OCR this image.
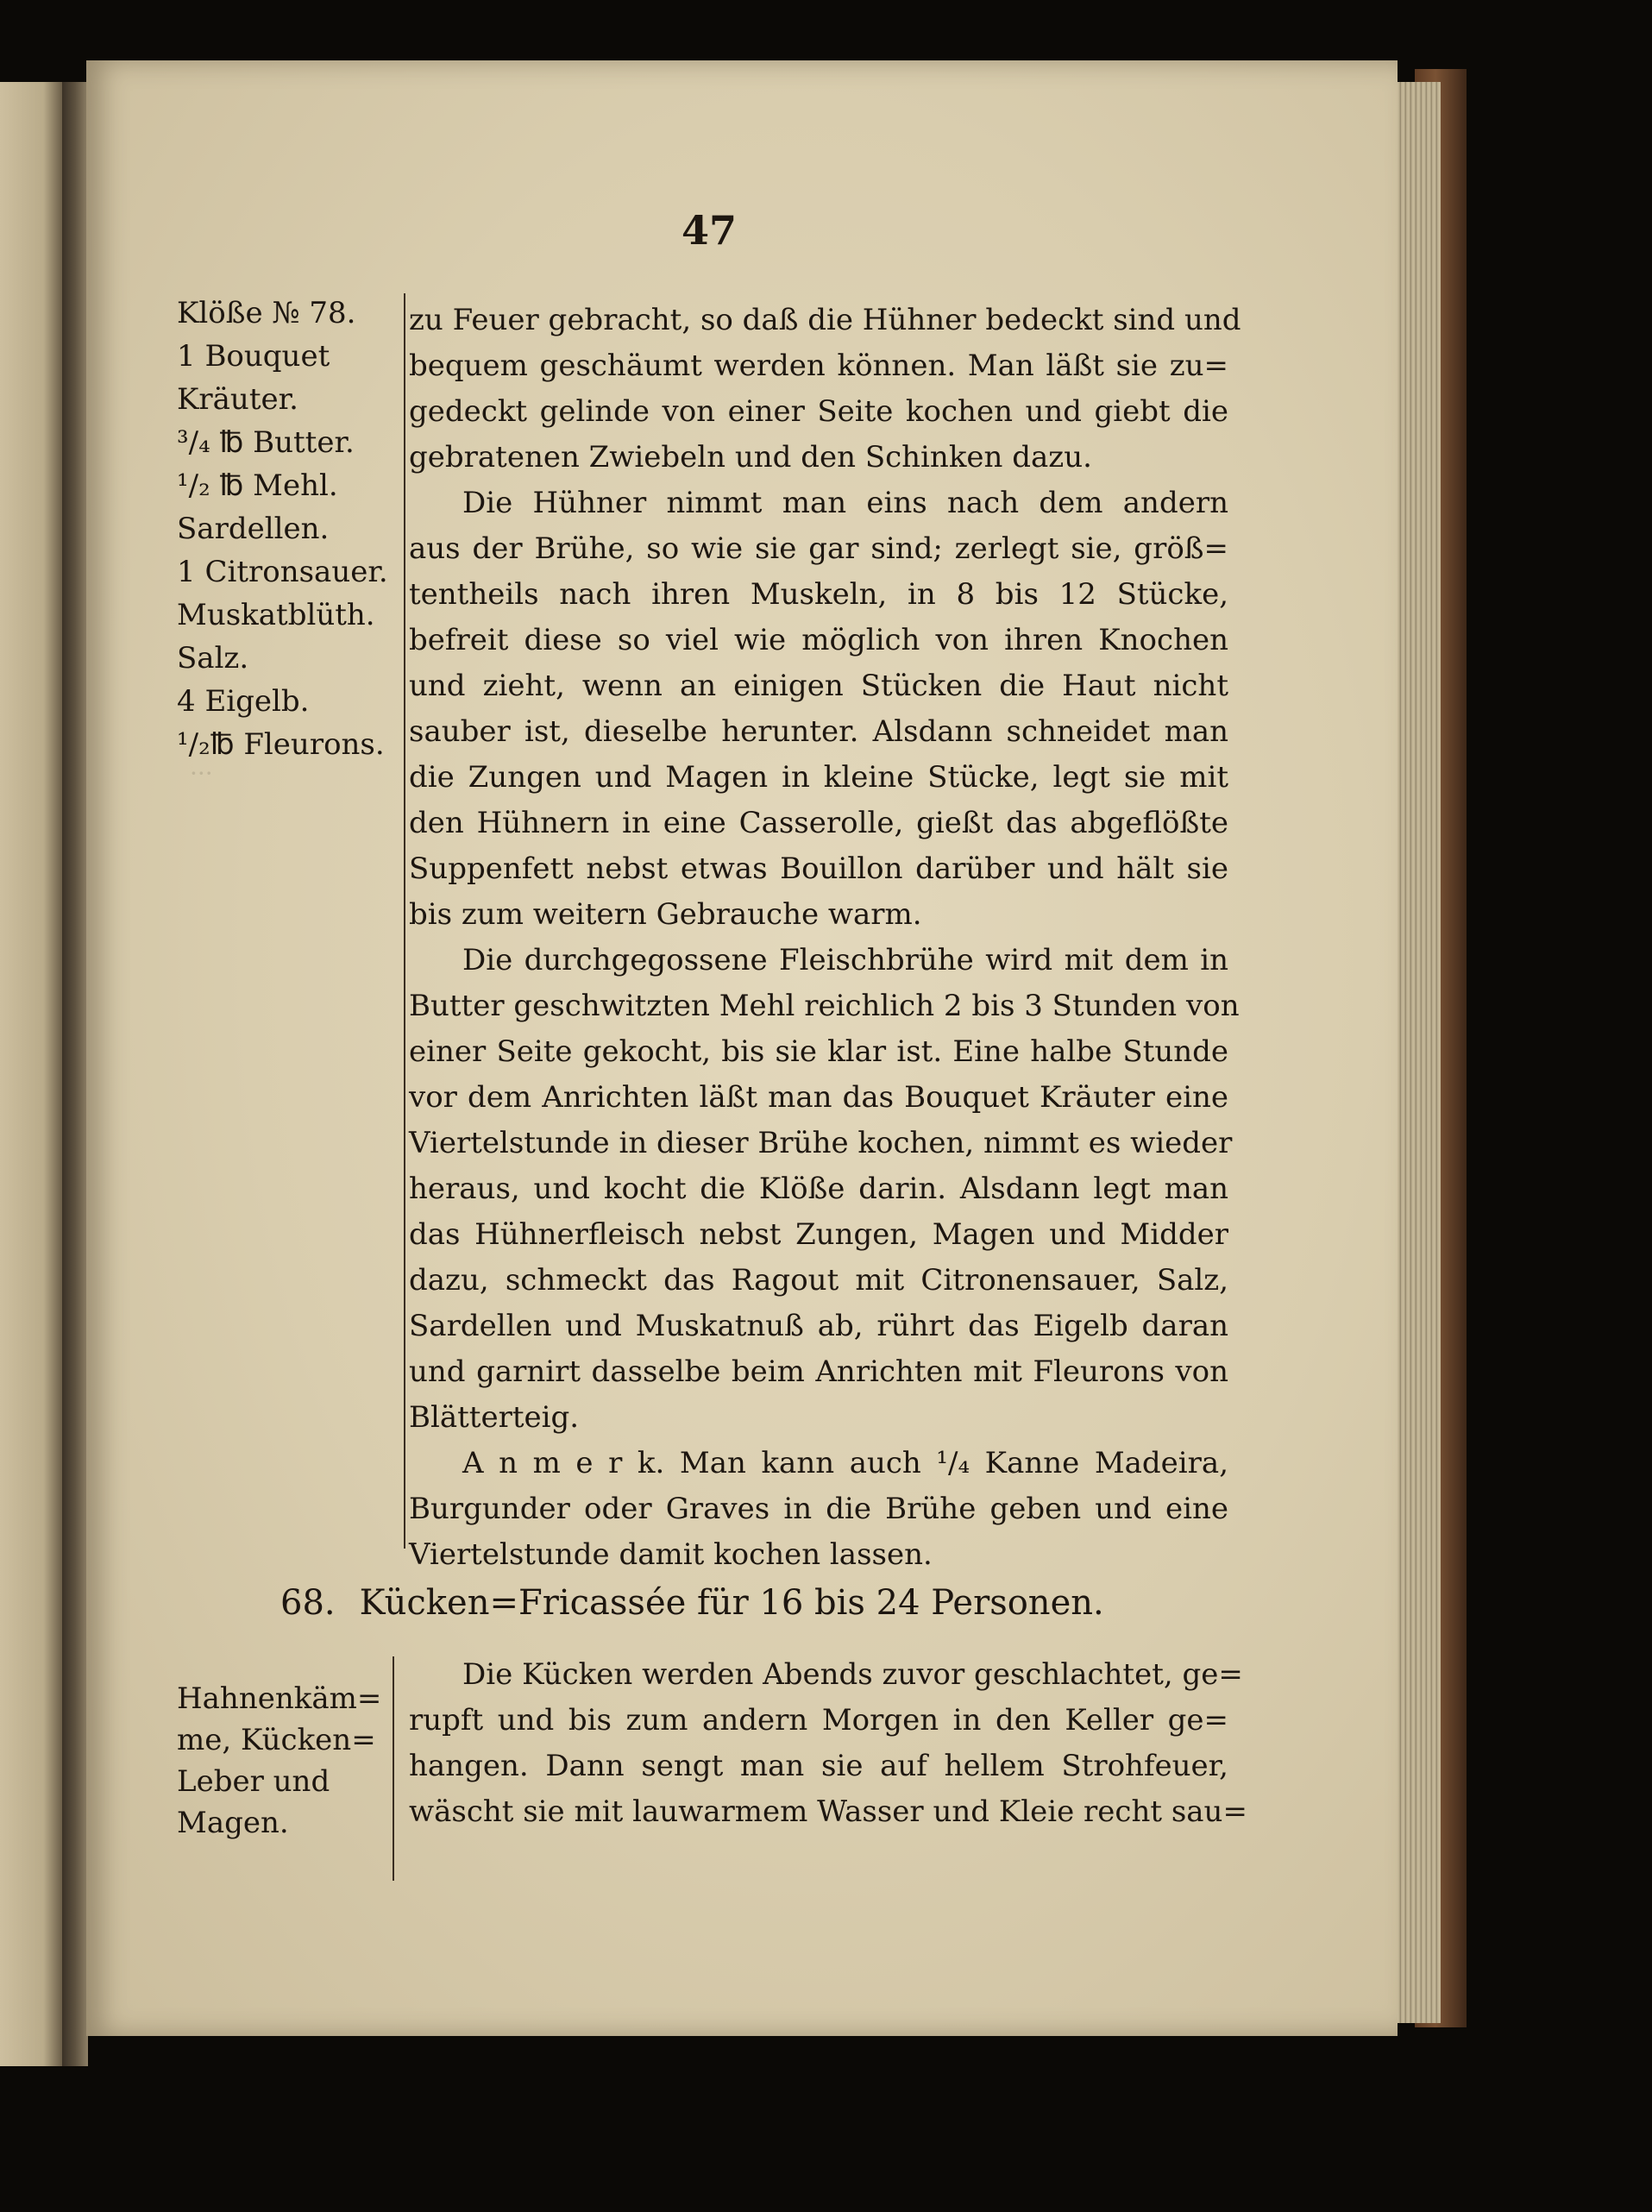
···
47
Klöße № 78.
1 Bouquet
Kräuter.
³/₄ ℔ Butter.
¹/₂ ℔ Mehl.
Sardellen.
1 Citronsauer.
Muskatblüth.
Salz.
4 Eigelb.
¹/₂℔ Fleurons.
zu Feuer gebracht, so daß die Hühner bedeckt sind und
bequem geschäumt werden können. Man läßt sie zu=
gedeckt gelinde von einer Seite kochen und giebt die
gebratenen Zwiebeln und den Schinken dazu.
Die Hühner nimmt man eins nach dem andern
aus der Brühe, so wie sie gar sind; zerlegt sie, größ=
tentheils nach ihren Muskeln, in 8 bis 12 Stücke,
befreit diese so viel wie möglich von ihren Knochen
und zieht, wenn an einigen Stücken die Haut nicht
sauber ist, dieselbe herunter. Alsdann schneidet man
die Zungen und Magen in kleine Stücke, legt sie mit
den Hühnern in eine Casserolle, gießt das abgeflößte
Suppenfett nebst etwas Bouillon darüber und hält sie
bis zum weitern Gebrauche warm.
Die durchgegossene Fleischbrühe wird mit dem in
Butter geschwitzten Mehl reichlich 2 bis 3 Stunden von
einer Seite gekocht, bis sie klar ist. Eine halbe Stunde
vor dem Anrichten läßt man das Bouquet Kräuter eine
Viertelstunde in dieser Brühe kochen, nimmt es wieder
heraus, und kocht die Klöße darin. Alsdann legt man
das Hühnerfleisch nebst Zungen, Magen und Midder
dazu, schmeckt das Ragout mit Citronensauer, Salz,
Sardellen und Muskatnuß ab, rührt das Eigelb daran
und garnirt dasselbe beim Anrichten mit Fleurons von
Blätterteig.
A n m e r k. Man kann auch ¹/₄ Kanne Madeira,
Burgunder oder Graves in die Brühe geben und eine
Viertelstunde damit kochen lassen.
68. Kücken=Fricassée für 16 bis 24 Personen.
Hahnenkäm=
me, Kücken=
Leber und
Magen.
Die Kücken werden Abends zuvor geschlachtet, ge=
rupft und bis zum andern Morgen in den Keller ge=
hangen. Dann sengt man sie auf hellem Strohfeuer,
wäscht sie mit lauwarmem Wasser und Kleie recht sau=
